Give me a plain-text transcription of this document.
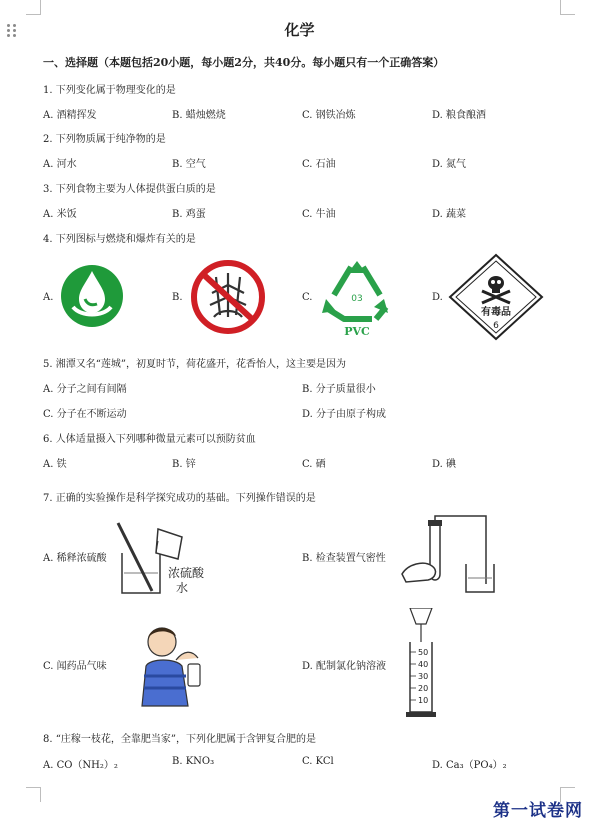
化学
一、选择题（本题包括20小题，每小题2分，共40分。每小题只有一个正确答案）
1. 下列变化属于物理变化的是
A. 酒精挥发	B. 蜡烛燃烧	C. 钢铁冶炼	D. 粮食酿酒
2. 下列物质属于纯净物的是
A. 河水	B. 空气	C. 石油	D. 氮气
3. 下列食物主要为人体提供蛋白质的是
A. 米饭	B. 鸡蛋	C. 牛油	D. 蔬菜
4. 下列图标与燃烧和爆炸有关的是
A.	B.	C.	D.
03
PVC
有毒品
6
5. 湘潭又名“莲城”，初夏时节，荷花盛开，花香怡人，这主要是因为
A. 分子之间有间隔	B. 分子质量很小
C. 分子在不断运动	D. 分子由原子构成
6. 人体适量摄入下列哪种微量元素可以预防贫血
A. 铁	B. 锌	C. 硒	D. 碘
7. 正确的实验操作是科学探究成功的基础。下列操作错误的是
A. 稀释浓硫酸	B. 检查装置气密性
C. 闻药品气味	D. 配制氯化钠溶液
浓硫酸
水
50
40
30
20
10
8. “庄稼一枝花，全靠肥当家”，下列化肥属于含钾复合肥的是
A. CO（NH₂）₂	B. KNO₃	C. KCl	D. Ca₃（PO₄）₂
第一试卷网
